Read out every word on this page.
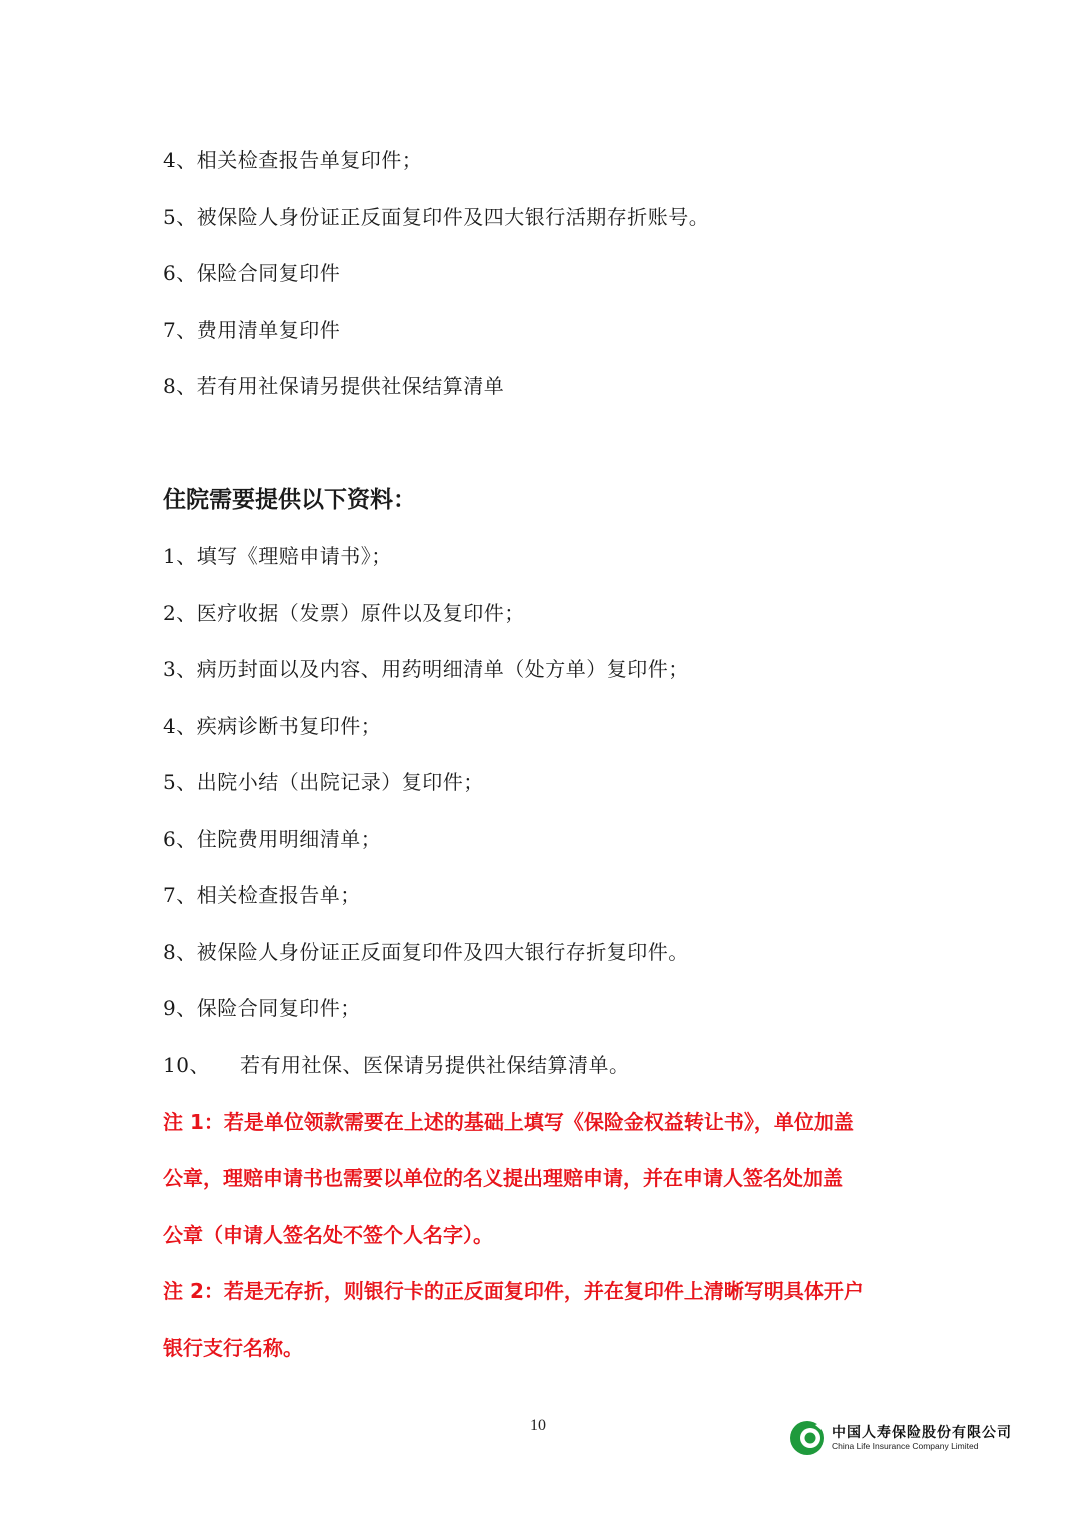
4、相关检查报告单复印件；
5、被保险人身份证正反面复印件及四大银行活期存折账号。
6、保险合同复印件
7、费用清单复印件
8、若有用社保请另提供社保结算清单
住院需要提供以下资料：
1、填写《理赔申请书》；
2、医疗收据（发票）原件以及复印件；
3、病历封面以及内容、用药明细清单（处方单）复印件；
4、疾病诊断书复印件；
5、出院小结（出院记录）复印件；
6、住院费用明细清单；
7、相关检查报告单；
8、被保险人身份证正反面复印件及四大银行存折复印件。
9、保险合同复印件；
10、 若有用社保、医保请另提供社保结算清单。
注 1：若是单位领款需要在上述的基础上填写《保险金权益转让书》，单位加盖
公章，理赔申请书也需要以单位的名义提出理赔申请，并在申请人签名处加盖
公章（申请人签名处不签个人名字）。
注 2：若是无存折，则银行卡的正反面复印件，并在复印件上清晰写明具体开户
银行支行名称。
10	中国人寿保险股份有限公司
China Life Insurance Company Limited
